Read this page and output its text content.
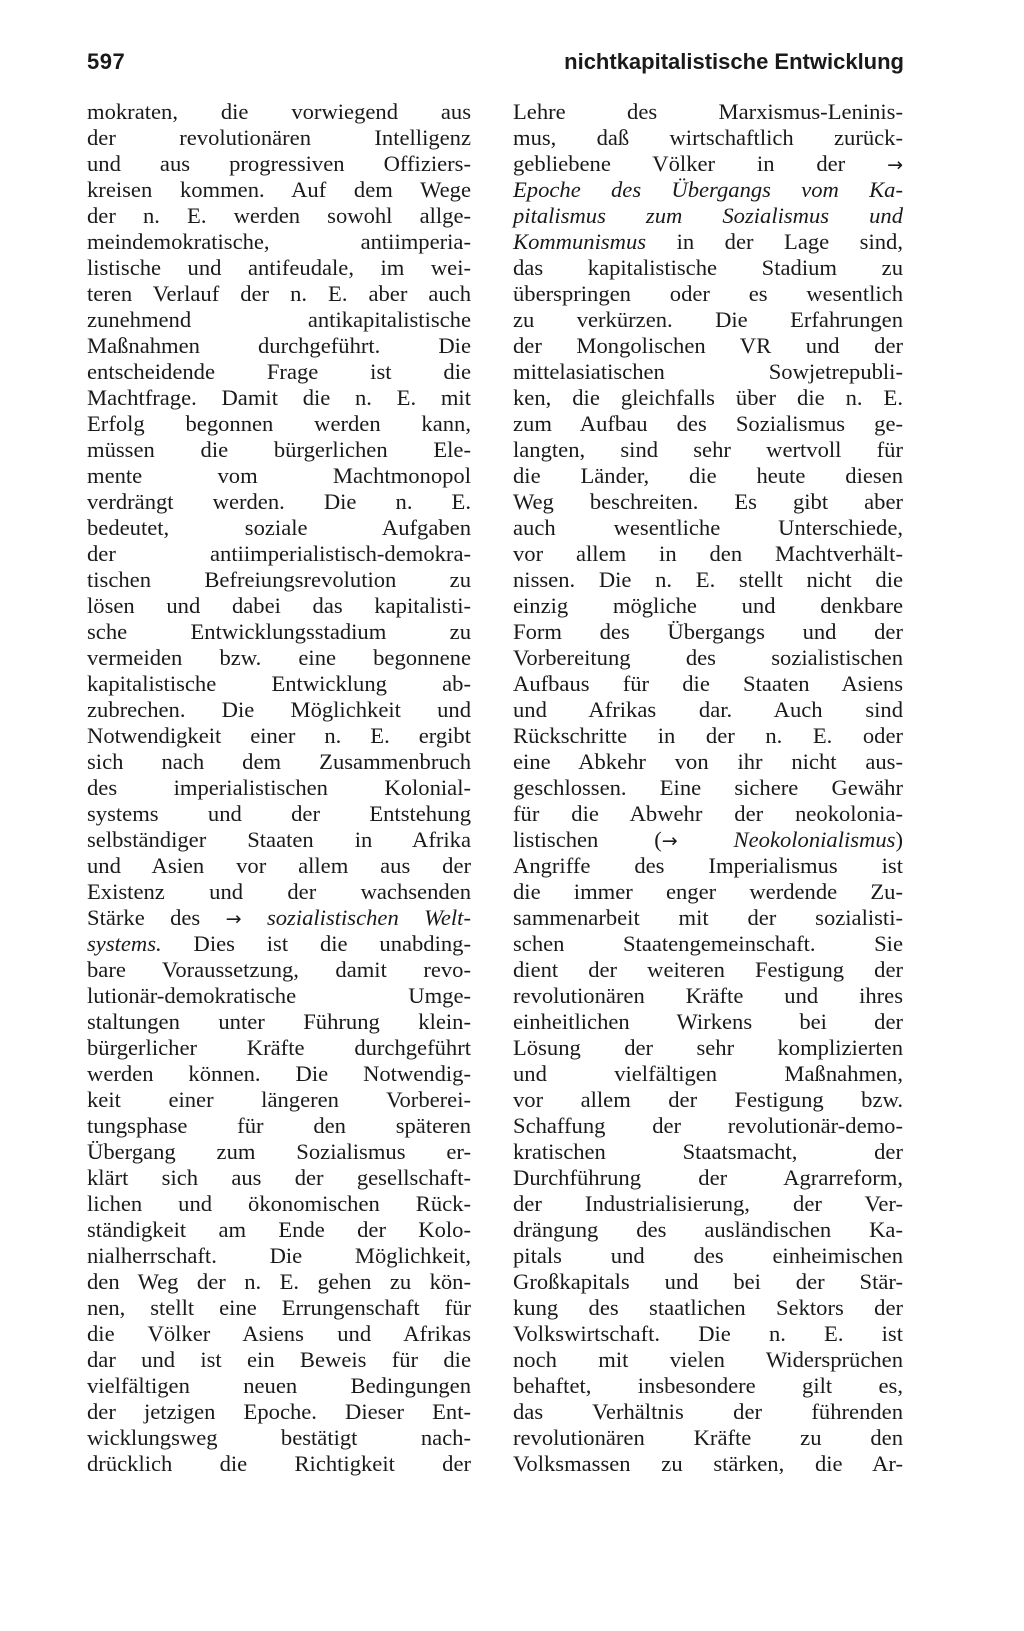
597	nichtkapitalistische Entwicklung
mokraten, die vorwiegend aus
der revolutionären Intelligenz
und aus progressiven Offiziers-
kreisen kommen. Auf dem Wege
der n. E. werden sowohl allge-
meindemokratische, antiimperia-
listische und antifeudale, im wei-
teren Verlauf der n. E. aber auch
zunehmend antikapitalistische
Maßnahmen durchgeführt. Die
entscheidende Frage ist die
Machtfrage. Damit die n. E. mit
Erfolg begonnen werden kann,
müssen die bürgerlichen Ele-
mente vom Machtmonopol
verdrängt werden. Die n. E.
bedeutet, soziale Aufgaben
der antiimperialistisch-demokra-
tischen Befreiungsrevolution zu
lösen und dabei das kapitalisti-
sche Entwicklungsstadium zu
vermeiden bzw. eine begonnene
kapitalistische Entwicklung ab-
zubrechen. Die Möglichkeit und
Notwendigkeit einer n. E. ergibt
sich nach dem Zusammenbruch
des imperialistischen Kolonial-
systems und der Entstehung
selbständiger Staaten in Afrika
und Asien vor allem aus der
Existenz und der wachsenden
Stärke des → sozialistischen Welt-
systems. Dies ist die unabding-
bare Voraussetzung, damit revo-
lutionär-demokratische Umge-
staltungen unter Führung klein-
bürgerlicher Kräfte durchgeführt
werden können. Die Notwendig-
keit einer längeren Vorberei-
tungsphase für den späteren
Übergang zum Sozialismus er-
klärt sich aus der gesellschaft-
lichen und ökonomischen Rück-
ständigkeit am Ende der Kolo-
nialherrschaft. Die Möglichkeit,
den Weg der n. E. gehen zu kön-
nen, stellt eine Errungenschaft für
die Völker Asiens und Afrikas
dar und ist ein Beweis für die
vielfältigen neuen Bedingungen
der jetzigen Epoche. Dieser Ent-
wicklungsweg bestätigt nach-
drücklich die Richtigkeit der
Lehre des Marxismus-Leninis-
mus, daß wirtschaftlich zurück-
gebliebene Völker in der →
Epoche des Übergangs vom Ka-
pitalismus zum Sozialismus und
Kommunismus in der Lage sind,
das kapitalistische Stadium zu
überspringen oder es wesentlich
zu verkürzen. Die Erfahrungen
der Mongolischen VR und der
mittelasiatischen Sowjetrepubli-
ken, die gleichfalls über die n. E.
zum Aufbau des Sozialismus ge-
langten, sind sehr wertvoll für
die Länder, die heute diesen
Weg beschreiten. Es gibt aber
auch wesentliche Unterschiede,
vor allem in den Machtverhält-
nissen. Die n. E. stellt nicht die
einzig mögliche und denkbare
Form des Übergangs und der
Vorbereitung des sozialistischen
Aufbaus für die Staaten Asiens
und Afrikas dar. Auch sind
Rückschritte in der n. E. oder
eine Abkehr von ihr nicht aus-
geschlossen. Eine sichere Gewähr
für die Abwehr der neokolonia-
listischen (→ Neokolonialismus)
Angriffe des Imperialismus ist
die immer enger werdende Zu-
sammenarbeit mit der sozialisti-
schen Staatengemeinschaft. Sie
dient der weiteren Festigung der
revolutionären Kräfte und ihres
einheitlichen Wirkens bei der
Lösung der sehr komplizierten
und vielfältigen Maßnahmen,
vor allem der Festigung bzw.
Schaffung der revolutionär-demo-
kratischen Staatsmacht, der
Durchführung der Agrarreform,
der Industrialisierung, der Ver-
drängung des ausländischen Ka-
pitals und des einheimischen
Großkapitals und bei der Stär-
kung des staatlichen Sektors der
Volkswirtschaft. Die n. E. ist
noch mit vielen Widersprüchen
behaftet, insbesondere gilt es,
das Verhältnis der führenden
revolutionären Kräfte zu den
Volksmassen zu stärken, die Ar-
